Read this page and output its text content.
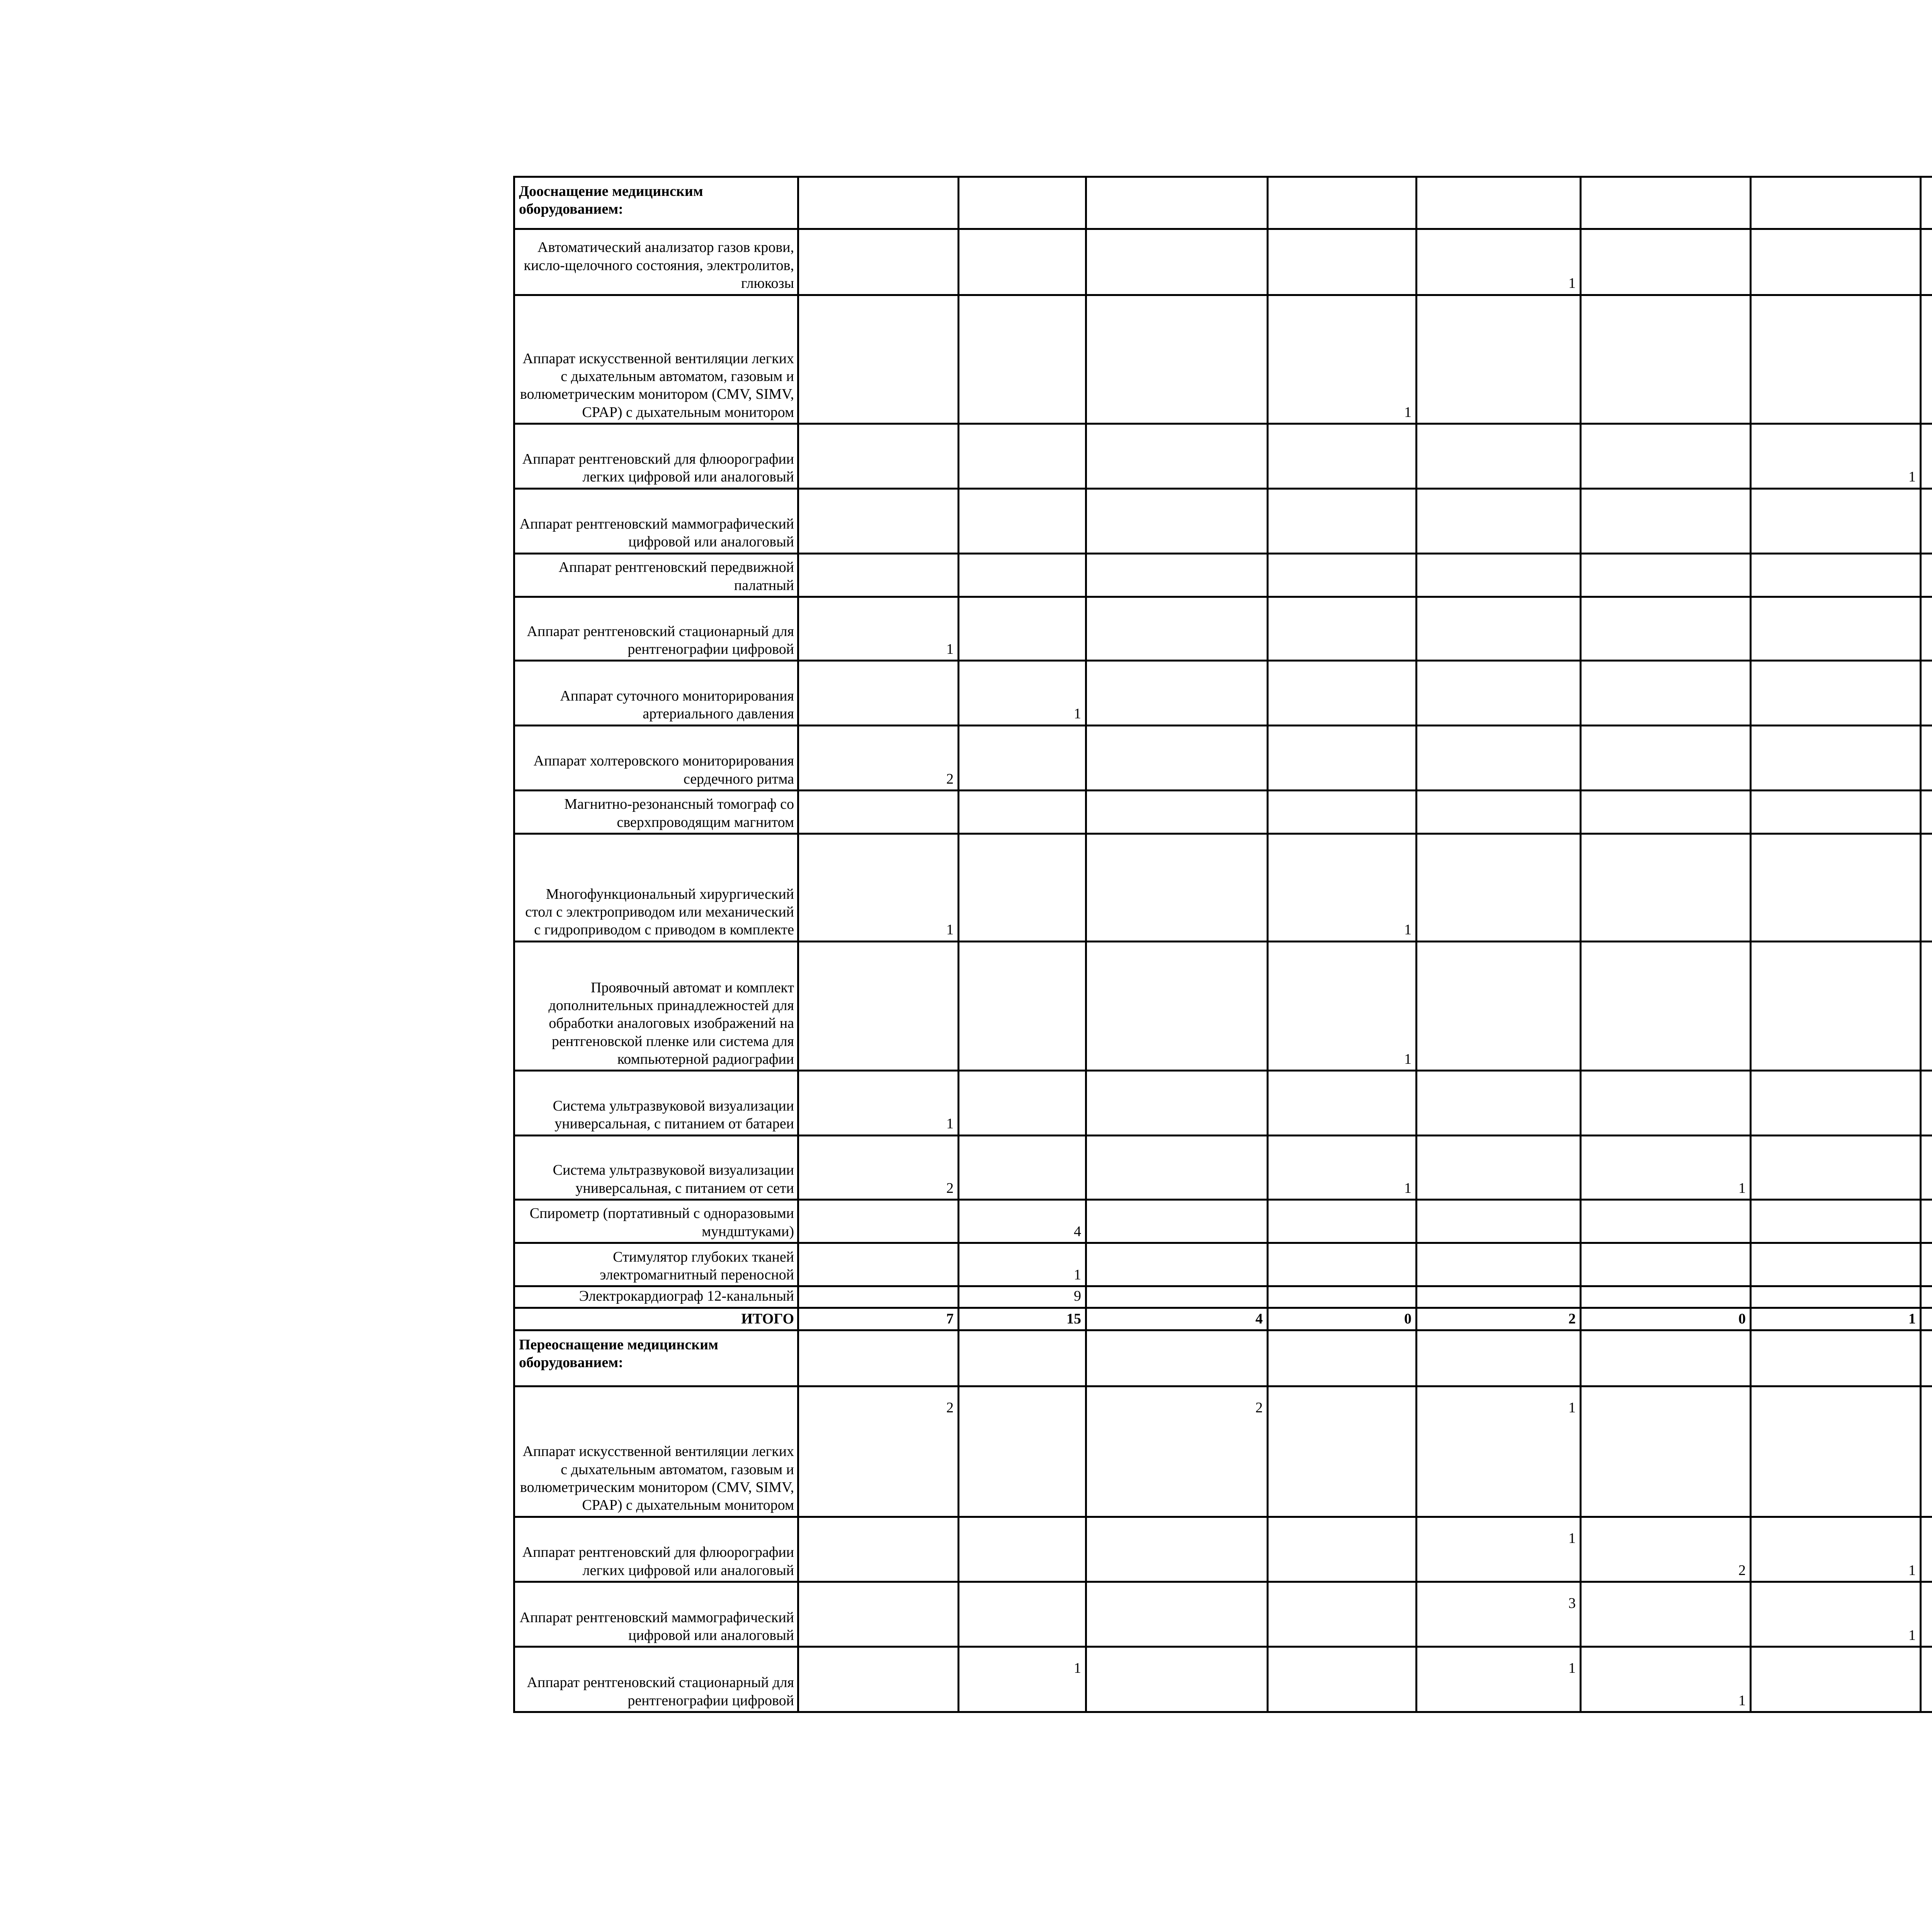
Дооснащение медицинским оборудованием:											
Автоматический анализатор газов крови, кисло-щелочного состояния, электролитов, глюкозы					1						
Аппарат искусственной вентиляции легких с дыхательным автоматом, газовым и волюметрическим монитором (CMV, SIMV, CPAP) с дыхательным монитором				1							
Аппарат рентгеновский для флюорографии легких цифровой или аналоговый							1				
Аппарат рентгеновский маммографический цифровой или аналоговый											
Аппарат рентгеновский передвижной палатный											
Аппарат рентгеновский стационарный для рентгенографии цифровой	1										
Аппарат суточного мониторирования артериального давления		1									
Аппарат холтеровского мониторирования сердечного ритма	2										
Магнитно-резонансный томограф со сверхпроводящим магнитом											
Многофункциональный хирургический стол с электроприводом или механический с гидроприводом с приводом в комплекте	1			1							
Проявочный автомат и комплект дополнительных принадлежностей для обработки аналоговых изображений на рентгеновской пленке или система для компьютерной радиографии				1							
Система ультразвуковой визуализации универсальная, с питанием от батареи	1										
Система ультразвуковой визуализации универсальная, с питанием от сети	2			1		1					
Спирометр (портативный с одноразовыми мундштуками)		4									
Стимулятор глубоких тканей электромагнитный переносной		1									
Электрокардиограф 12-канальный		9									
ИТОГО	7	15	4	0	2	0	1				
Переоснащение медицинским оборудованием:											
Аппарат искусственной вентиляции легких с дыхательным автоматом, газовым и волюметрическим монитором (CMV, SIMV, CPAP) с дыхательным монитором	2		2		1						
Аппарат рентгеновский для флюорографии легких цифровой или аналоговый					1	2	1				
Аппарат рентгеновский маммографический цифровой или аналоговый					3		1				
Аппарат рентгеновский стационарный для рентгенографии цифровой		1			1	1					
